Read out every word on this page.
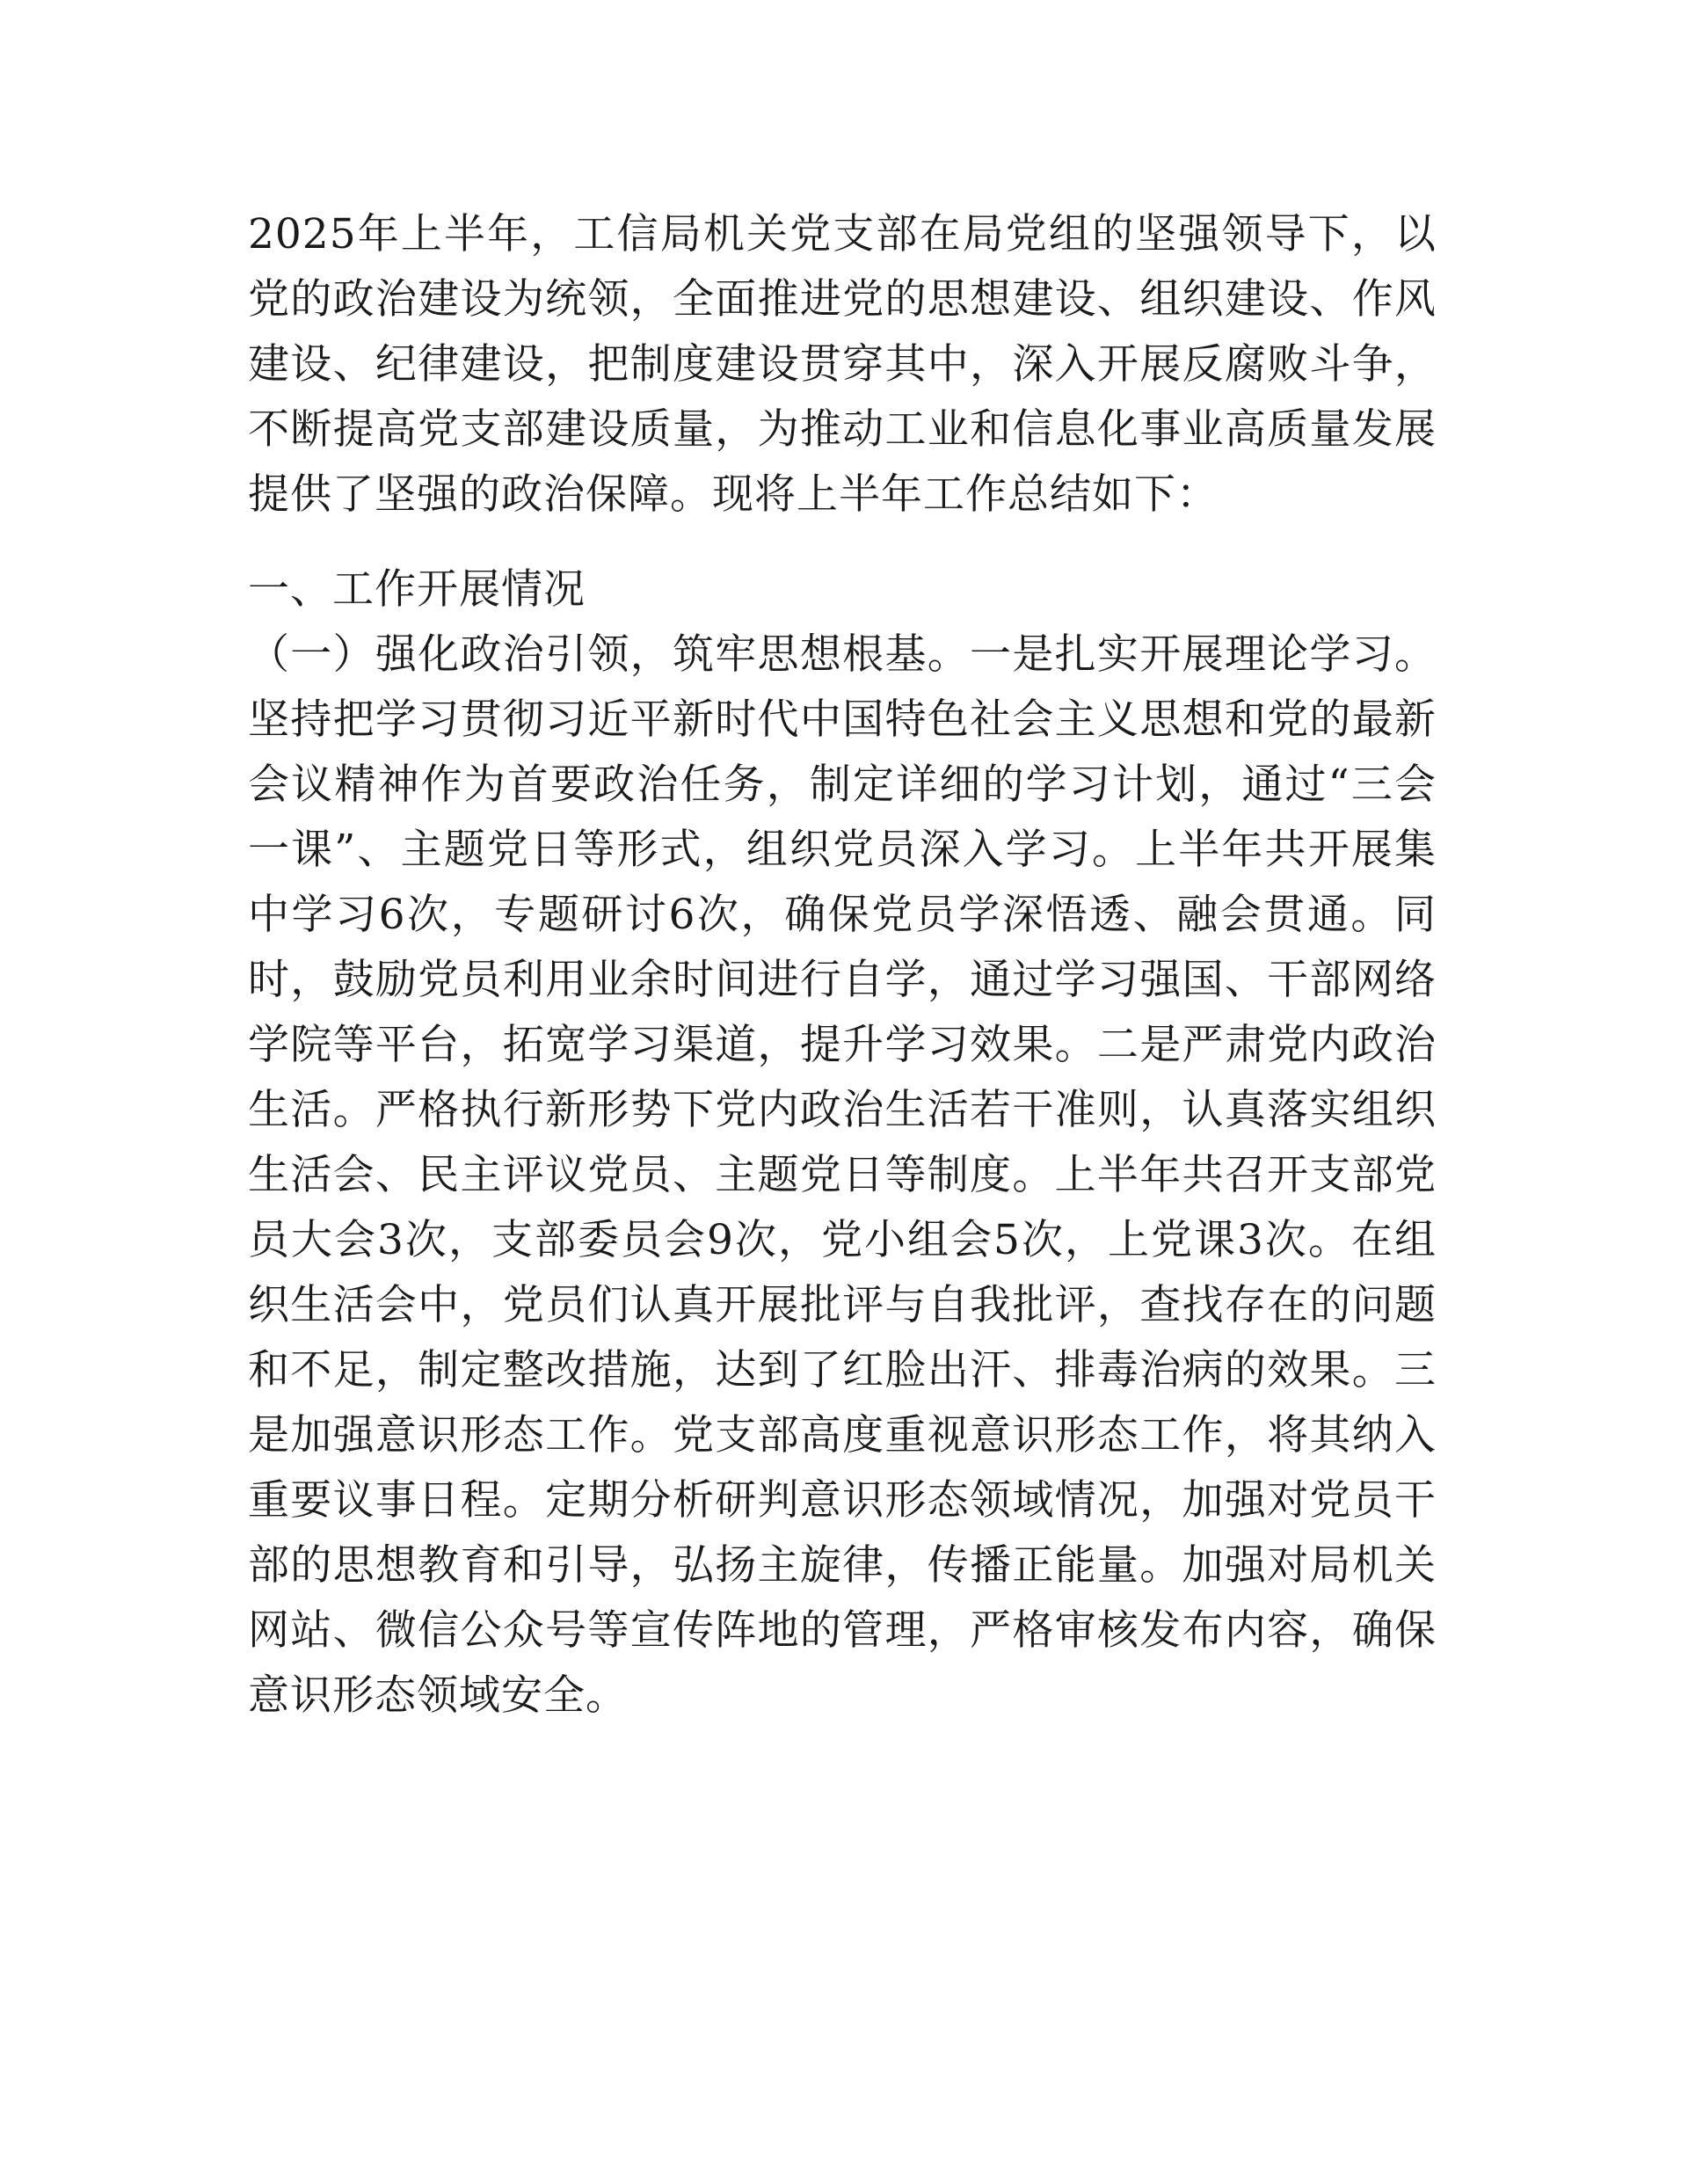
2025年上半年，工信局机关党支部在局党组的坚强领导下，以党的政治建设为统领，全面推进党的思想建设、组织建设、作风建设、纪律建设，把制度建设贯穿其中，深入开展反腐败斗争，不断提高党支部建设质量，为推动工业和信息化事业高质量发展提供了坚强的政治保障。现将上半年工作总结如下：

一、工作开展情况

（一）强化政治引领，筑牢思想根基。一是扎实开展理论学习。坚持把学习贯彻习近平新时代中国特色社会主义思想和党的最新会议精神作为首要政治任务，制定详细的学习计划，通过“三会一课”、主题党日等形式，组织党员深入学习。上半年共开展集中学习6次，专题研讨6次，确保党员学深悟透、融会贯通。同时，鼓励党员利用业余时间进行自学，通过学习强国、干部网络学院等平台，拓宽学习渠道，提升学习效果。二是严肃党内政治生活。严格执行新形势下党内政治生活若干准则，认真落实组织生活会、民主评议党员、主题党日等制度。上半年共召开支部党员大会3次，支部委员会9次，党小组会5次，上党课3次。在组织生活会中，党员们认真开展批评与自我批评，查找存在的问题和不足，制定整改措施，达到了红脸出汗、排毒治病的效果。三是加强意识形态工作。党支部高度重视意识形态工作，将其纳入重要议事日程。定期分析研判意识形态领域情况，加强对党员干部的思想教育和引导，弘扬主旋律，传播正能量。加强对局机关网站、微信公众号等宣传阵地的管理，严格审核发布内容，确保意识形态领域安全。
